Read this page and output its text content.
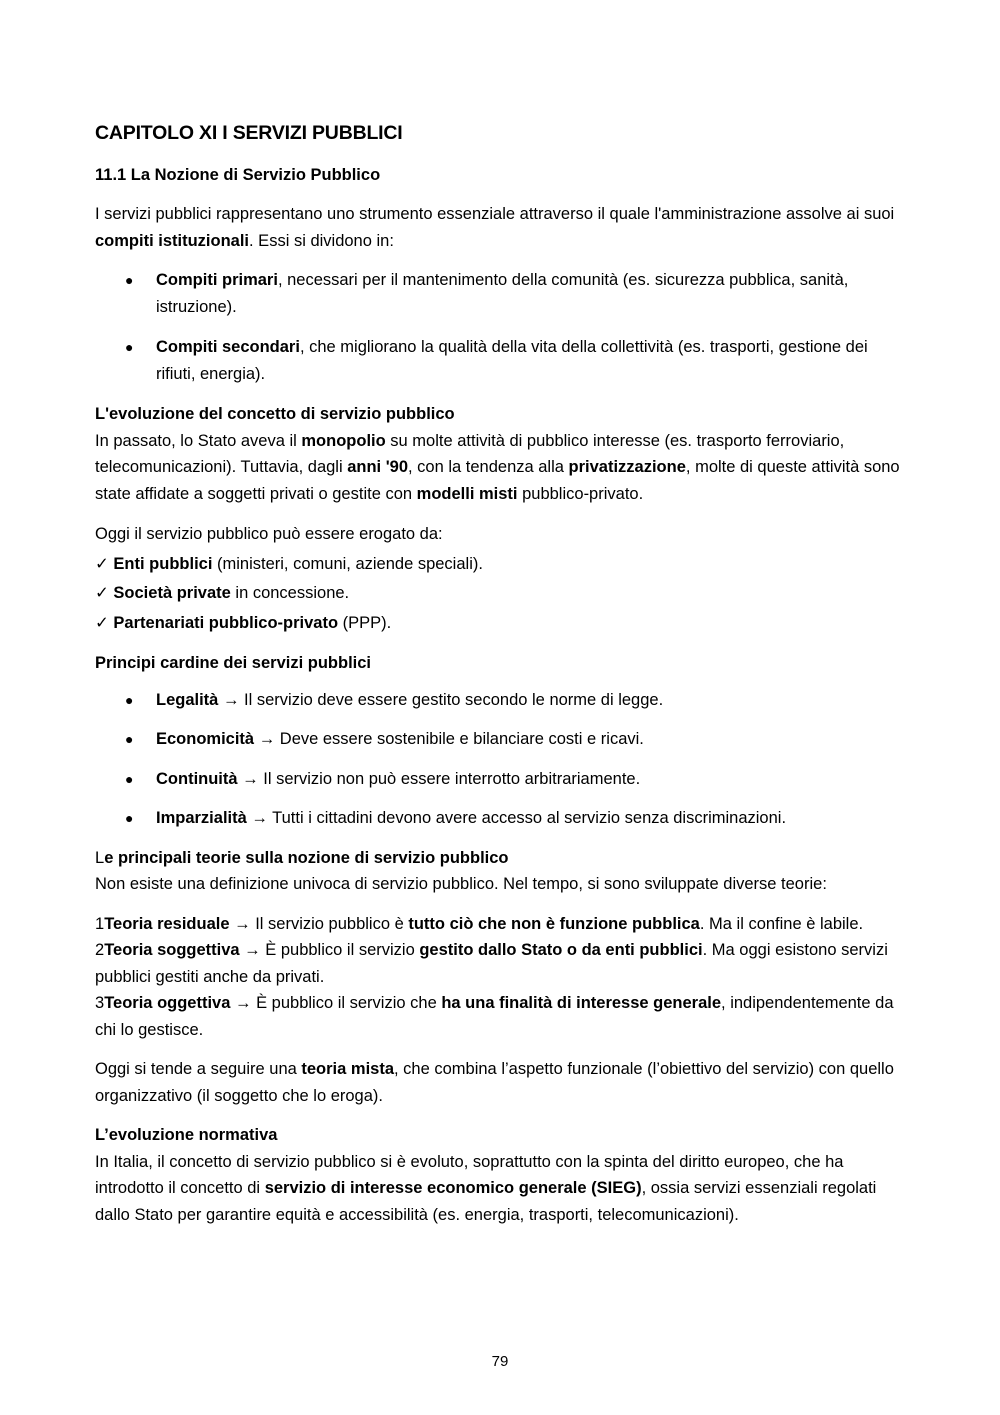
CAPITOLO XI I SERVIZI PUBBLICI
11.1 La Nozione di Servizio Pubblico

I servizi pubblici rappresentano uno strumento essenziale attraverso il quale l'amministrazione assolve ai suoi compiti istituzionali. Essi si dividono in:

● Compiti primari, necessari per il mantenimento della comunità (es. sicurezza pubblica, sanità, istruzione).
● Compiti secondari, che migliorano la qualità della vita della collettività (es. trasporti, gestione dei rifiuti, energia).

L'evoluzione del concetto di servizio pubblico
In passato, lo Stato aveva il monopolio su molte attività di pubblico interesse (es. trasporto ferroviario, telecomunicazioni). Tuttavia, dagli anni '90, con la tendenza alla privatizzazione, molte di queste attività sono state affidate a soggetti privati o gestite con modelli misti pubblico-privato.

Oggi il servizio pubblico può essere erogato da:
✓ Enti pubblici (ministeri, comuni, aziende speciali).
✓ Società private in concessione.
✓ Partenariati pubblico-privato (PPP).

Principi cardine dei servizi pubblici

● Legalità → Il servizio deve essere gestito secondo le norme di legge.
● Economicità → Deve essere sostenibile e bilanciare costi e ricavi.
● Continuità → Il servizio non può essere interrotto arbitrariamente.
● Imparzialità → Tutti i cittadini devono avere accesso al servizio senza discriminazioni.

Le principali teorie sulla nozione di servizio pubblico
Non esiste una definizione univoca di servizio pubblico. Nel tempo, si sono sviluppate diverse teorie:

1Teoria residuale → Il servizio pubblico è tutto ciò che non è funzione pubblica. Ma il confine è labile.
2Teoria soggettiva → È pubblico il servizio gestito dallo Stato o da enti pubblici. Ma oggi esistono servizi pubblici gestiti anche da privati.
3Teoria oggettiva → È pubblico il servizio che ha una finalità di interesse generale, indipendentemente da chi lo gestisce.

Oggi si tende a seguire una teoria mista, che combina l’aspetto funzionale (l’obiettivo del servizio) con quello organizzativo (il soggetto che lo eroga).

L’evoluzione normativa
In Italia, il concetto di servizio pubblico si è evoluto, soprattutto con la spinta del diritto europeo, che ha introdotto il concetto di servizio di interesse economico generale (SIEG), ossia servizi essenziali regolati dallo Stato per garantire equità e accessibilità (es. energia, trasporti, telecomunicazioni).

79
